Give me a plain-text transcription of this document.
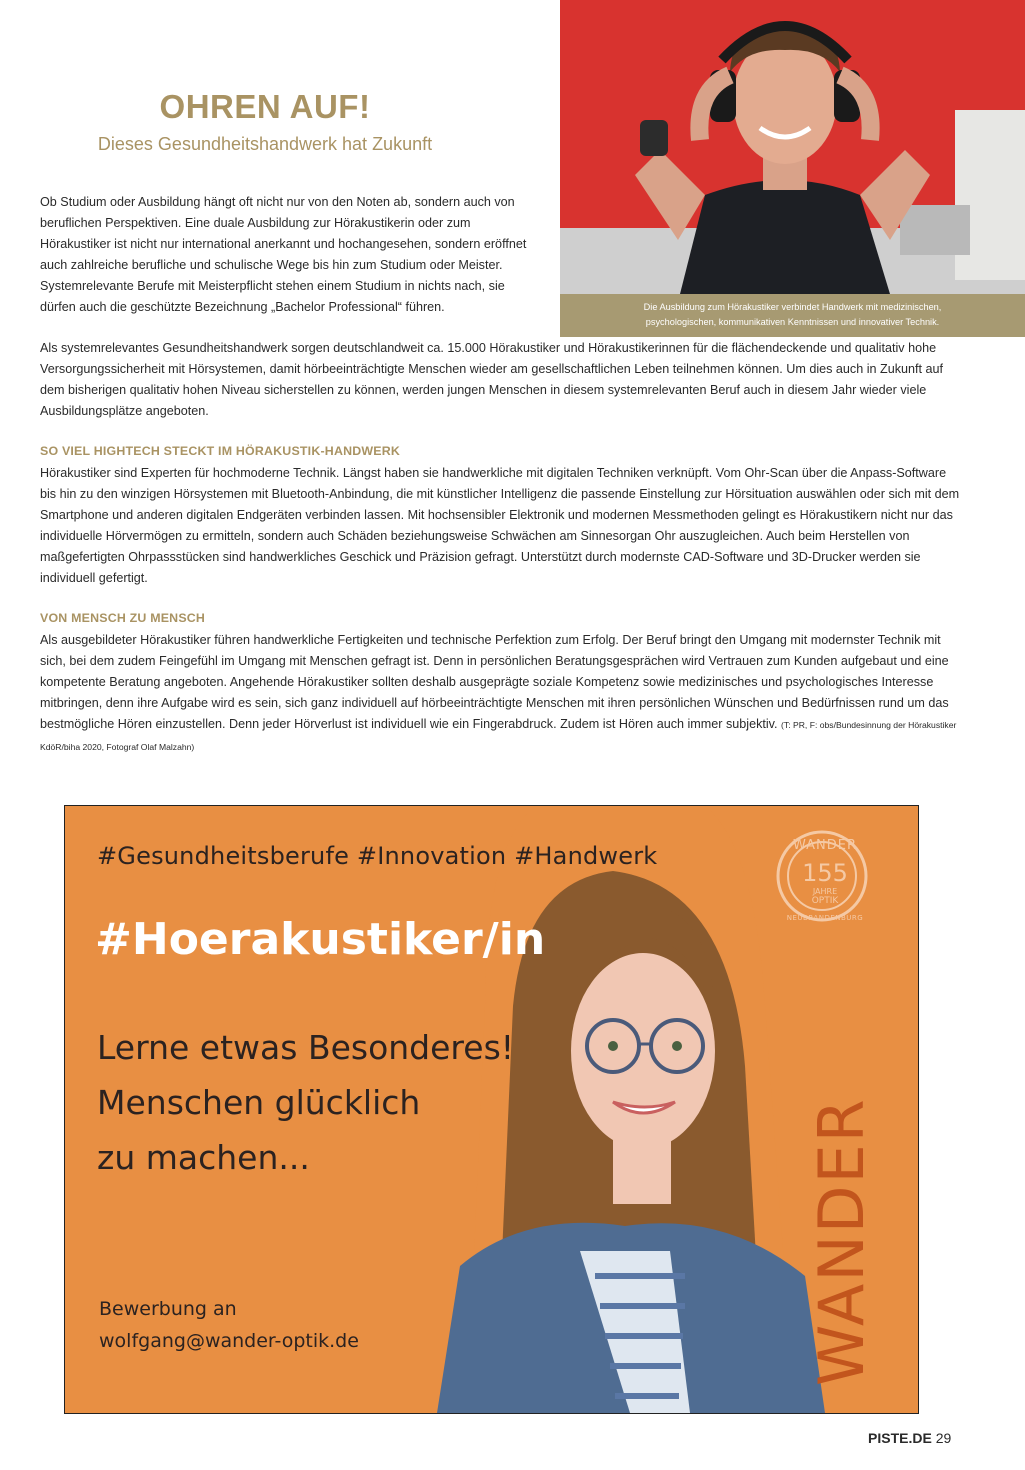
OHREN AUF!
Dieses Gesundheitshandwerk hat Zukunft

Ob Studium oder Ausbildung hängt oft nicht nur von den Noten ab, sondern auch von beruflichen Perspektiven. Eine duale Ausbildung zur Hörakustikerin oder zum Hörakustiker ist nicht nur international anerkannt und hochangesehen, sondern eröffnet auch zahlreiche berufliche und schulische Wege bis hin zum Studium oder Meister. Systemrelevante Berufe mit Meisterpflicht stehen einem Studium in nichts nach, sie dürfen auch die geschützte Bezeichnung „Bachelor Professional“ führen.

Als systemrelevantes Gesundheitshandwerk sorgen deutschlandweit ca. 15.000 Hörakustiker und Hörakustikerinnen für die flächendeckende und qualitativ hohe Versorgungssicherheit mit Hörsystemen, damit hörbeeinträchtigte Menschen wieder am gesellschaftlichen Leben teilnehmen können. Um dies auch in Zukunft auf dem bisherigen qualitativ hohen Niveau sicherstellen zu können, werden jungen Menschen in diesem systemrelevanten Beruf auch in diesem Jahr wieder viele Ausbildungsplätze angeboten.

SO VIEL HIGHTECH STECKT IM HÖRAKUSTIK-HANDWERK

Hörakustiker sind Experten für hochmoderne Technik. Längst haben sie handwerkliche mit digitalen Techniken verknüpft. Vom Ohr-Scan über die Anpass-Software bis hin zu den winzigen Hörsystemen mit Bluetooth-Anbindung, die mit künstlicher Intelligenz die passende Einstellung zur Hörsituation auswählen oder sich mit dem Smartphone und anderen digitalen Endgeräten verbinden lassen. Mit hochsensibler Elektronik und modernen Messmethoden gelingt es Hörakustikern nicht nur das individuelle Hörvermögen zu ermitteln, sondern auch Schäden beziehungsweise Schwächen am Sinnesorgan Ohr auszugleichen. Auch beim Herstellen von maßgefertigten Ohrpassstücken sind handwerkliches Geschick und Präzision gefragt. Unterstützt durch modernste CAD-Software und 3D-Drucker werden sie individuell gefertigt.

VON MENSCH ZU MENSCH

Als ausgebildeter Hörakustiker führen handwerkliche Fertigkeiten und technische Perfektion zum Erfolg. Der Beruf bringt den Umgang mit modernster Technik mit sich, bei dem zudem Feingefühl im Umgang mit Menschen gefragt ist. Denn in persönlichen Beratungsgesprächen wird Vertrauen zum Kunden aufgebaut und eine kompetente Beratung angeboten. Angehende Hörakustiker sollten deshalb ausgeprägte soziale Kompetenz sowie medizinisches und psychologisches Interesse mitbringen, denn ihre Aufgabe wird es sein, sich ganz individuell auf hörbeeinträchtigte Menschen mit ihren persönlichen Wünschen und Bedürfnissen rund um das bestmögliche Hören einzustellen. Denn jeder Hörverlust ist individuell wie ein Fingerabdruck. Zudem ist Hören auch immer subjektiv. (T: PR, F: obs/Bundesinnung der Hörakustiker KdöR/biha 2020, Fotograf Olaf Malzahn)

Die Ausbildung zum Hörakustiker verbindet Handwerk mit medizinischen,
psychologischen, kommunikativen Kenntnissen und innovativer Technik.
#Gesundheitsberufe #Innovation #Handwerk
#Hoerakustiker/in
Lerne etwas Besonderes!
Menschen glücklich
zu machen...
Bewerbung an
wolfgang@wander-optik.de	WANDER
WANDER
155
JAHRE
OPTIK
NEUBRANDENBURG
PISTE.DE 29
